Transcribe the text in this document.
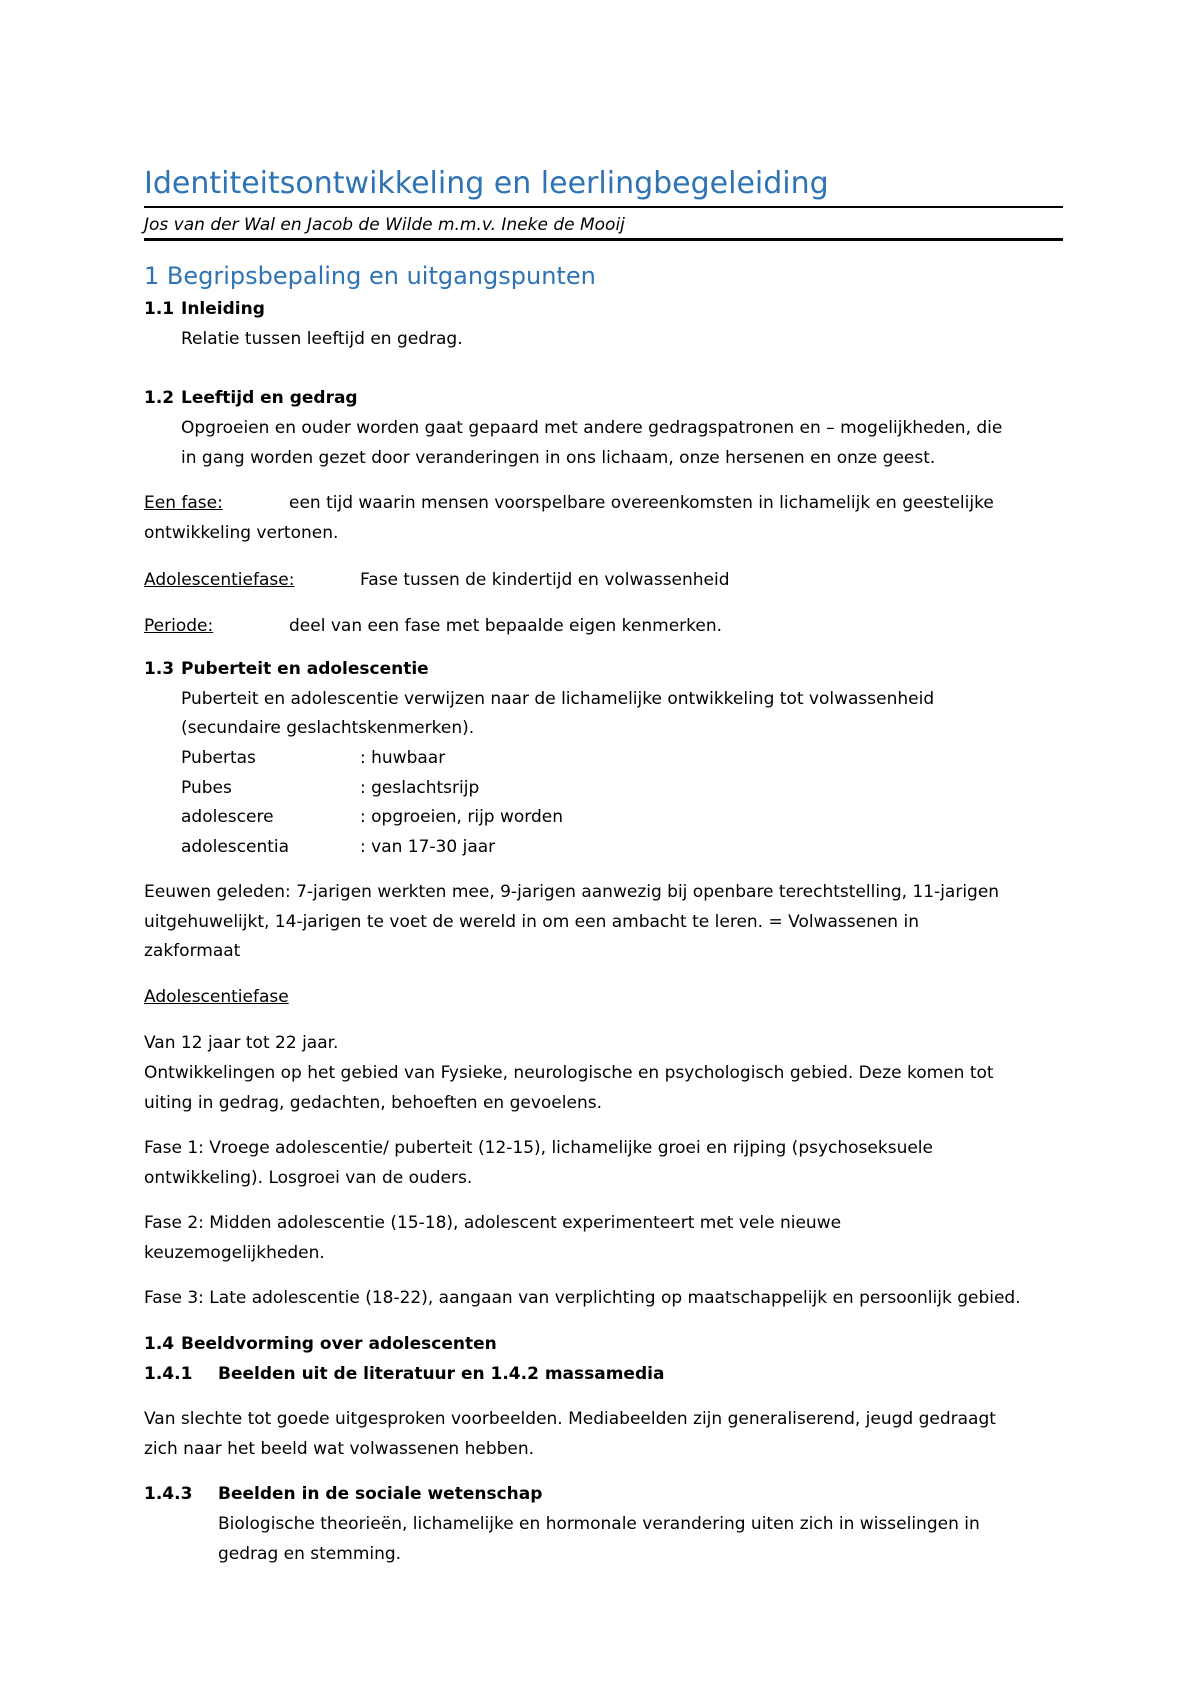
Identiteitsontwikkeling en leerlingbegeleiding
Jos van der Wal en Jacob de Wilde m.m.v. Ineke de Mooij
1 Begripsbepaling en uitgangspunten
1.1 Inleiding
Relatie tussen leeftijd en gedrag.
1.2 Leeftijd en gedrag
Opgroeien en ouder worden gaat gepaard met andere gedragspatronen en – mogelijkheden, die
in gang worden gezet door veranderingen in ons lichaam, onze hersenen en onze geest.
Een fase:	een tijd waarin mensen voorspelbare overeenkomsten in lichamelijk en geestelijke
ontwikkeling vertonen.
Adolescentiefase:	Fase tussen de kindertijd en volwassenheid
Periode:	deel van een fase met bepaalde eigen kenmerken.
1.3 Puberteit en adolescentie
Puberteit en adolescentie verwijzen naar de lichamelijke ontwikkeling tot volwassenheid
(secundaire geslachtskenmerken).
Pubertas	: huwbaar
Pubes	: geslachtsrijp
adolescere	: opgroeien, rijp worden
adolescentia	: van 17-30 jaar
Eeuwen geleden: 7-jarigen werkten mee, 9-jarigen aanwezig bij openbare terechtstelling, 11-jarigen
uitgehuwelijkt, 14-jarigen te voet de wereld in om een ambacht te leren. = Volwassenen in
zakformaat
Adolescentiefase
Van 12 jaar tot 22 jaar.
Ontwikkelingen op het gebied van Fysieke, neurologische en psychologisch gebied. Deze komen tot
uiting in gedrag, gedachten, behoeften en gevoelens.
Fase 1: Vroege adolescentie/ puberteit (12-15), lichamelijke groei en rijping (psychoseksuele
ontwikkeling). Losgroei van de ouders.
Fase 2: Midden adolescentie (15-18), adolescent experimenteert met vele nieuwe
keuzemogelijkheden.
Fase 3: Late adolescentie (18-22), aangaan van verplichting op maatschappelijk en persoonlijk gebied.
1.4 Beeldvorming over adolescenten
1.4.1 Beelden uit de literatuur en 1.4.2 massamedia
Van slechte tot goede uitgesproken voorbeelden. Mediabeelden zijn generaliserend, jeugd gedraagt
zich naar het beeld wat volwassenen hebben.
1.4.3 Beelden in de sociale wetenschap
Biologische theorieën, lichamelijke en hormonale verandering uiten zich in wisselingen in
gedrag en stemming.
